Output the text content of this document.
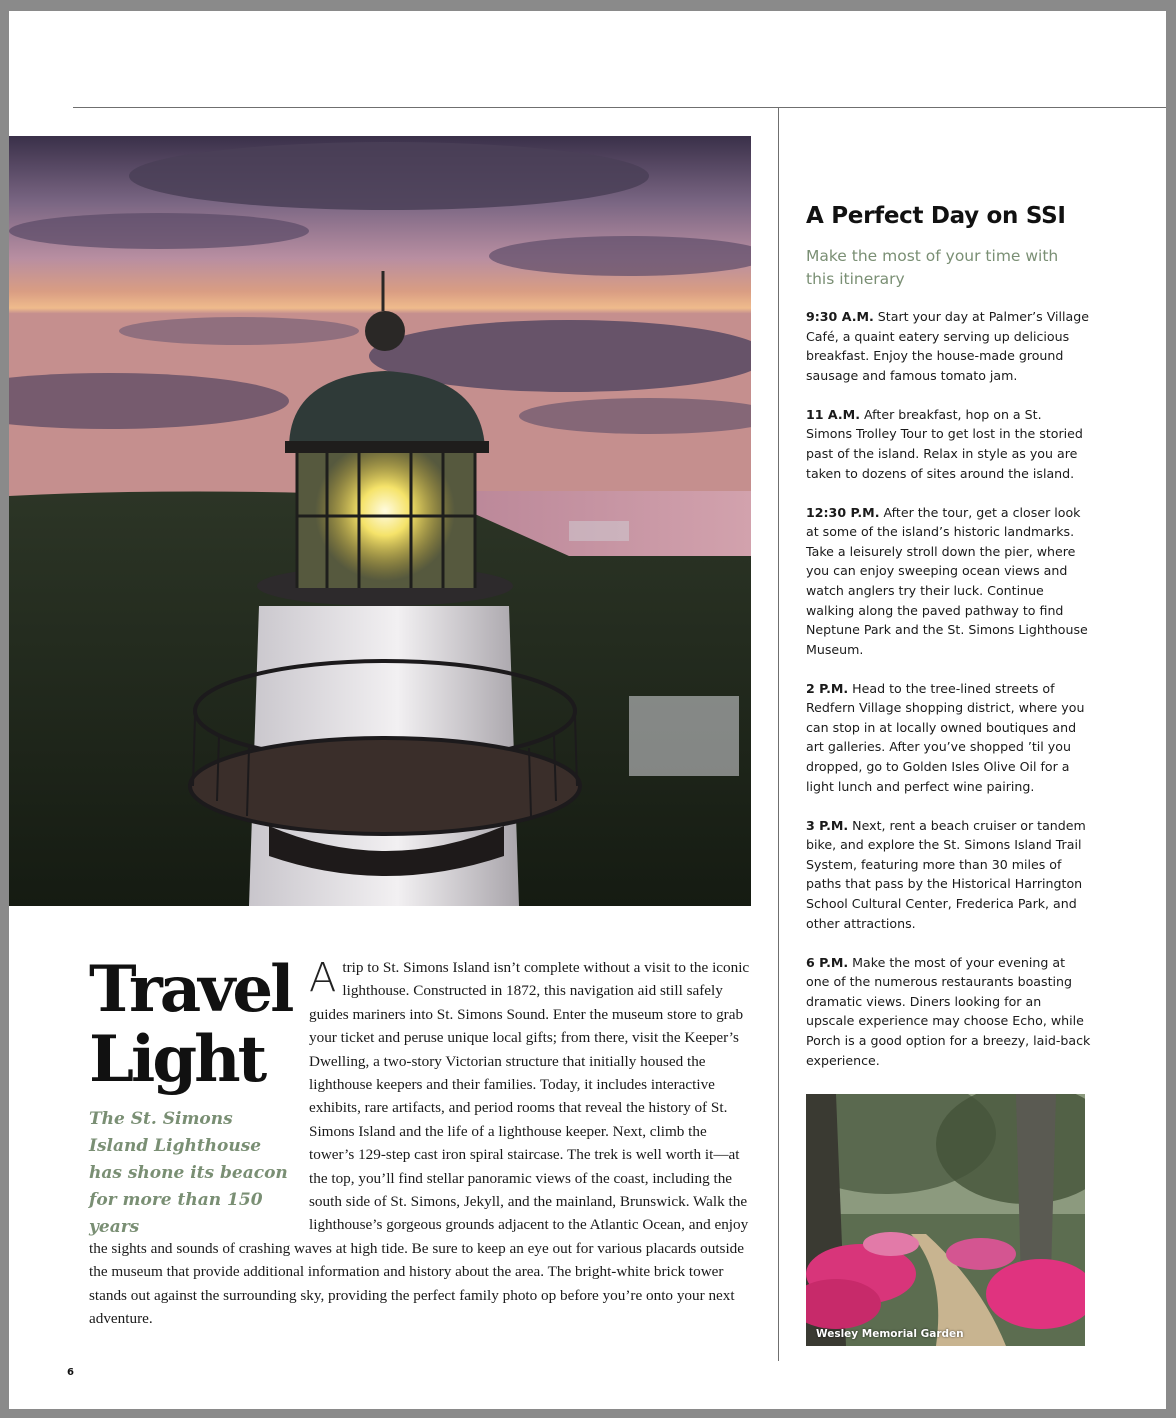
Travel
Light
The St. Simons Island Lighthouse has shone its beacon for more than 150 years
A trip to St. Simons Island isn’t complete without a visit to the iconic lighthouse. Constructed in 1872, this navigation aid still safely guides mariners into St. Simons Sound. Enter the museum store to grab your ticket and peruse unique local gifts; from there, visit the Keeper’s Dwelling, a two-story Victorian structure that initially housed the lighthouse keepers and their families. Today, it includes interactive exhibits, rare artifacts, and period rooms that reveal the history of St. Simons Island and the life of a lighthouse keeper. Next, climb the tower’s 129-step cast iron spiral staircase. The trek is well worth it—at the top, you’ll find stellar panoramic views of the coast, including the south side of St. Simons, Jekyll, and the mainland, Brunswick. Walk the lighthouse’s gorgeous grounds adjacent to the Atlantic Ocean, and enjoy the sights and sounds of crashing waves at high tide. Be sure to keep an eye out for various placards outside the museum that provide additional information and history about the area. The bright-white brick tower stands out against the surrounding sky, providing the perfect family photo op before you’re onto your next adventure.
A Perfect Day on SSI
Make the most of your time with this itinerary
9:30 A.M. Start your day at Palmer’s Village Café, a quaint eatery serving up delicious breakfast. Enjoy the house-made ground sausage and famous tomato jam.
11 A.M. After breakfast, hop on a St. Simons Trolley Tour to get lost in the storied past of the island. Relax in style as you are taken to dozens of sites around the island.
12:30 P.M. After the tour, get a closer look at some of the island’s historic landmarks. Take a leisurely stroll down the pier, where you can enjoy sweeping ocean views and watch anglers try their luck. Continue walking along the paved pathway to find Neptune Park and the St. Simons Lighthouse Museum.
2 P.M. Head to the tree-lined streets of Redfern Village shopping district, where you can stop in at locally owned boutiques and art galleries. After you’ve shopped ’til you dropped, go to Golden Isles Olive Oil for a light lunch and perfect wine pairing.
3 P.M. Next, rent a beach cruiser or tandem bike, and explore the St. Simons Island Trail System, featuring more than 30 miles of paths that pass by the Historical Harrington School Cultural Center, Frederica Park, and other attractions.
6 P.M. Make the most of your evening at one of the numerous restaurants boasting dramatic views. Diners looking for an upscale experience may choose Echo, while Porch is a good option for a breezy, laid-back experience.
Wesley Memorial Garden
6
